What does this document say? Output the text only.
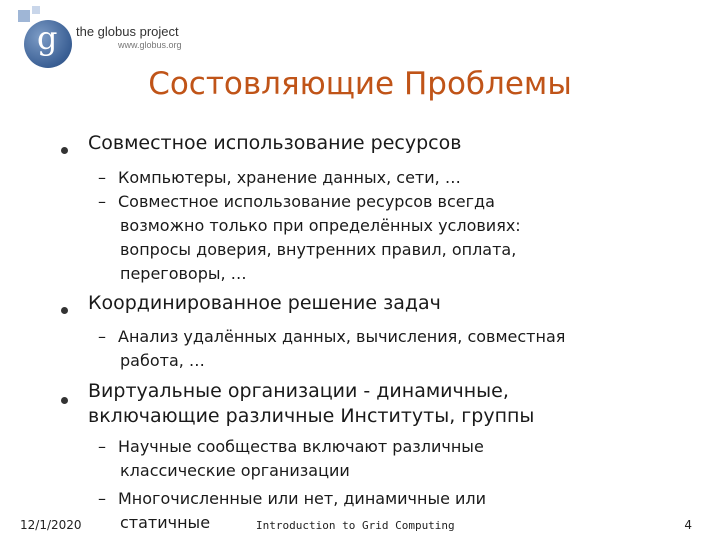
g the globus project
www.globus.org
Состовляющие Проблемы
Совместное использование ресурсов
– Компьютеры, хранение данных, сети, …
– Совместное использование ресурсов всегда
возможно только при определённых условиях:
вопросы доверия, внутренних правил, оплата,
переговоры, …
Координированное решение задач
– Анализ удалённых данных, вычисления, совместная
работа, …
Виртуальные организации - динамичные,
включающие различные Институты, группы
– Научные сообщества включают различные
классические организации
– Многочисленные или нет, динамичные или
статичные
12/1/2020	Introduction to Grid Computing	4
